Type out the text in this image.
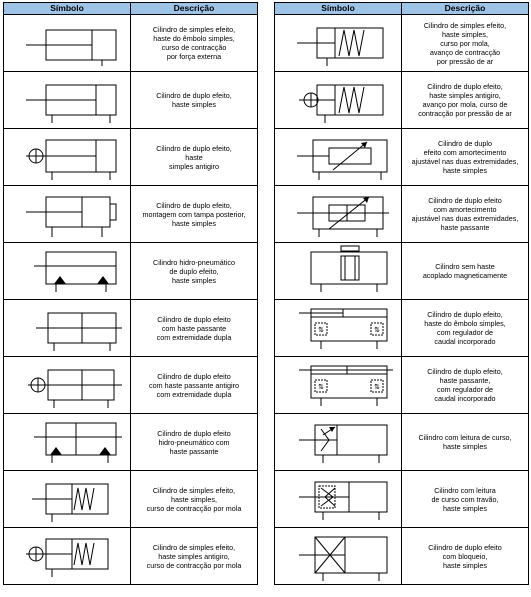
Símbolo	Descrição

Cilindro de simples efeito,
haste do êmbolo simples,
curso de contracção
por força externa

Cilindro de duplo efeito,
haste simples

Cilindro de duplo efeito,
haste
simples antigiro

Cilindro de duplo efeito,
montagem com tampa posterior,
haste simples

Cilindro hidro-pneumático
de duplo efeito,
haste simples

Cilindro de duplo efeito
com haste passante
com extremidade dupla

Cilindro de duplo efeito
com haste passante antigiro
com extremidade dupla

Cilindro de duplo efeito
hidro-pneumático com
haste passante

Cilindro de simples efeito,
haste simples,
curso de contracção por mola

Cilindro de simples efeito,
haste simples antigiro,
curso de contracção por mola
Símbolo	Descrição

Cilindro de simples efeito,
haste simples,
curso por mola,
avanço de contracção
por pressão de ar

Cilindro de duplo efeito,
haste simples antigiro,
avanço por mola, curso de
contracção por pressão de ar

Cilindro de duplo
efeito com amortecimento
ajustável nas duas extremidades,
haste simples

Cilindro de duplo efeito
com amortecimento
ajustável nas duas extremidades,
haste passante

Cilindro sem haste
acoplado magneticamente

⇅ ⇅	Cilindro de duplo efeito,
haste do êmbolo simples,
com regulador de
caudal incorporado

⇅ ⇅	Cilindro de duplo efeito,
haste passante,
com regulador de
caudal incorporado

Cilindro com leitura de curso,
haste simples

Cilindro com leitura
de curso com travão,
haste simples

Cilindro de duplo efeito
com bloqueio,
haste simples
